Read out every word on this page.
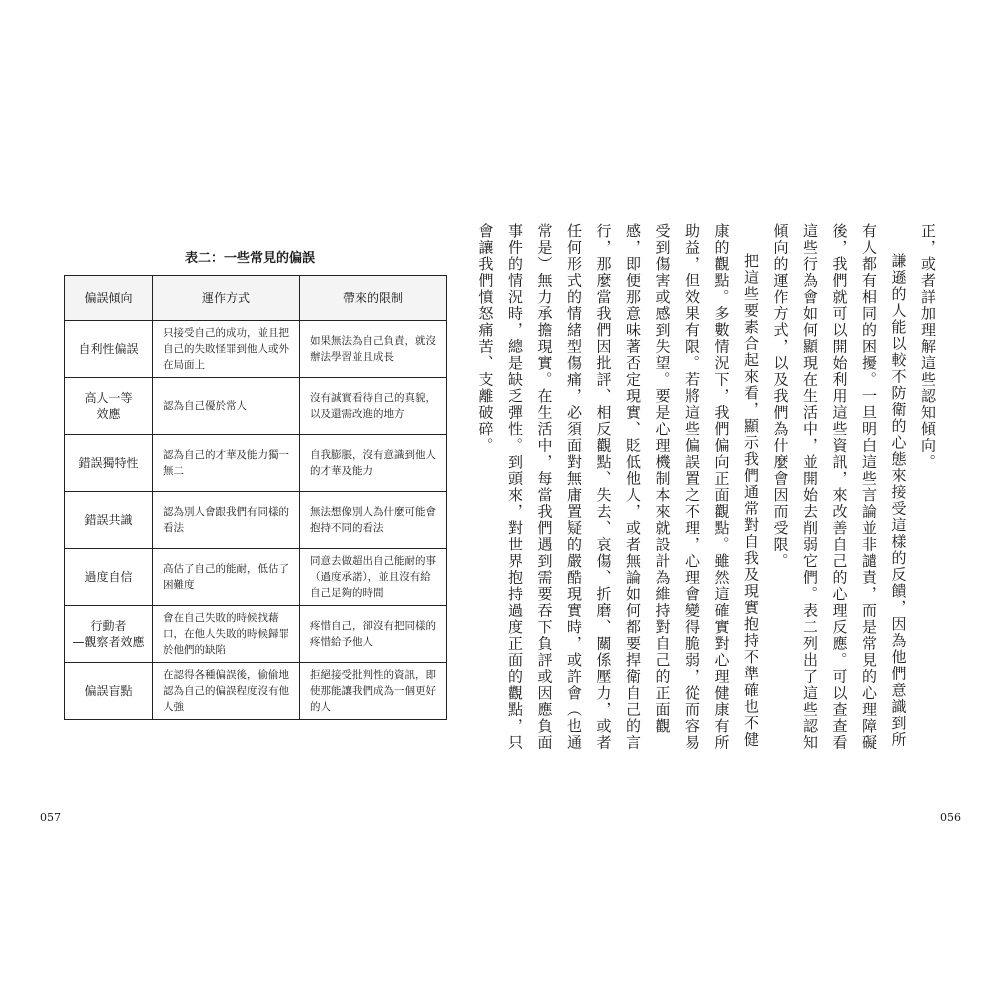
表二：一些常見的偏誤
偏誤傾向	運作方式	帶來的限制

自利性偏誤	只接受自己的成功，並且把自己的失敗怪罪到他人或外在局面上	如果無法為自己負責，就沒辦法學習並且成長

高人一等
效應	認為自己優於常人	沒有誠實看待自己的真貌，以及還需改進的地方

錯誤獨特性	認為自己的才華及能力獨一無二	自我膨脹，沒有意識到他人的才華及能力

錯誤共識	認為別人會跟我們有同樣的看法	無法想像別人為什麼可能會抱持不同的看法

過度自信	高估了自己的能耐，低估了困難度	同意去做超出自己能耐的事（過度承諾），並且沒有給自己足夠的時間

行動者
—觀察者效應	會在自己失敗的時候找藉口，在他人失敗的時候歸罪於他們的缺陷	疼惜自己，卻沒有把同樣的疼惜給予他人

偏誤盲點	在認得各種偏誤後，偷偷地認為自己的偏誤程度沒有他人強	拒絕接受批判性的資訊，即使那能讓我們成為一個更好的人
057

正，或者詳加理解這些認知傾向。

謙遜的人能以較不防衛的心態來接受這樣的反饋，因為他們意識到所有人都有相同的困擾。一旦明白這些言論並非譴責，而是常見的心理障礙後，我們就可以開始利用這些資訊，來改善自己的心理反應。可以查查看這些行為會如何顯現在生活中，並開始去削弱它們。表二列出了這些認知傾向的運作方式，以及我們為什麼會因而受限。

把這些要素合起來看，顯示我們通常對自我及現實抱持不準確也不健康的觀點。多數情況下，我們偏向正面觀點。雖然這確實對心理健康有所助益，但效果有限。若將這些偏誤置之不理，心理會變得脆弱，從而容易受到傷害或感到失望。要是心理機制本來就設計為維持對自己的正面觀感，即便那意味著否定現實、貶低他人，或者無論如何都要捍衛自己的言行，那麼當我們因批評、相反觀點、失去、哀傷、折磨、關係壓力，或者任何形式的情緒型傷痛，必須面對無庸置疑的嚴酷現實時，或許會（也通常是）無力承擔現實。在生活中，每當我們遇到需要吞下負評或因應負面事件的情況時，總是缺乏彈性。到頭來，對世界抱持過度正面的觀點，只會讓我們憤怒痛苦、支離破碎。

056
